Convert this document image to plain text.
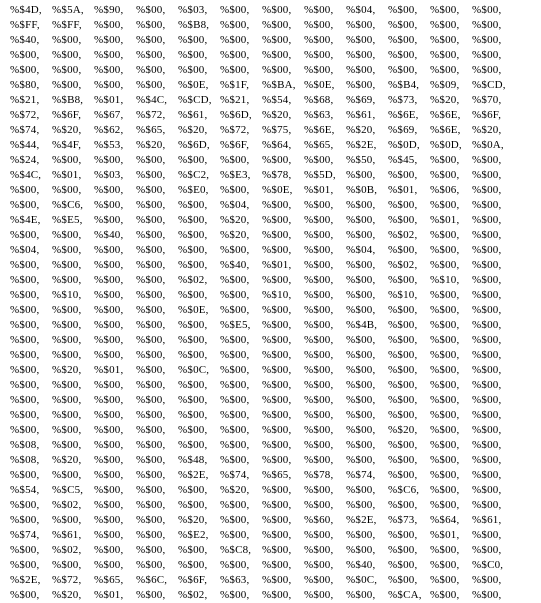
%$4D, %$5A, %$90, %$00, %$03, %$00, %$00, %$00, %$04, %$00, %$00, %$00,
%$FF, %$FF, %$00, %$00, %$B8, %$00, %$00, %$00, %$00, %$00, %$00, %$00,
%$40, %$00, %$00, %$00, %$00, %$00, %$00, %$00, %$00, %$00, %$00, %$00,
%$00, %$00, %$00, %$00, %$00, %$00, %$00, %$00, %$00, %$00, %$00, %$00,
%$00, %$00, %$00, %$00, %$00, %$00, %$00, %$00, %$00, %$00, %$00, %$00,
%$80, %$00, %$00, %$00, %$0E, %$1F, %$BA, %$0E, %$00, %$B4, %$09, %$CD,
%$21, %$B8, %$01, %$4C, %$CD, %$21, %$54, %$68, %$69, %$73, %$20, %$70,
%$72, %$6F, %$67, %$72, %$61, %$6D, %$20, %$63, %$61, %$6E, %$6E, %$6F,
%$74, %$20, %$62, %$65, %$20, %$72, %$75, %$6E, %$20, %$69, %$6E, %$20,
%$44, %$4F, %$53, %$20, %$6D, %$6F, %$64, %$65, %$2E, %$0D, %$0D, %$0A,
%$24, %$00, %$00, %$00, %$00, %$00, %$00, %$00, %$50, %$45, %$00, %$00,
%$4C, %$01, %$03, %$00, %$C2, %$E3, %$78, %$5D, %$00, %$00, %$00, %$00,
%$00, %$00, %$00, %$00, %$E0, %$00, %$0E, %$01, %$0B, %$01, %$06, %$00,
%$00, %$C6, %$00, %$00, %$00, %$04, %$00, %$00, %$00, %$00, %$00, %$00,
%$4E, %$E5, %$00, %$00, %$00, %$20, %$00, %$00, %$00, %$00, %$01, %$00,
%$00, %$00, %$40, %$00, %$00, %$20, %$00, %$00, %$00, %$02, %$00, %$00,
%$04, %$00, %$00, %$00, %$00, %$00, %$00, %$00, %$04, %$00, %$00, %$00,
%$00, %$00, %$00, %$00, %$00, %$40, %$01, %$00, %$00, %$02, %$00, %$00,
%$00, %$00, %$00, %$00, %$02, %$00, %$00, %$00, %$00, %$00, %$10, %$00,
%$00, %$10, %$00, %$00, %$00, %$00, %$10, %$00, %$00, %$10, %$00, %$00,
%$00, %$00, %$00, %$00, %$0E, %$00, %$00, %$00, %$00, %$00, %$00, %$00,
%$00, %$00, %$00, %$00, %$00, %$E5, %$00, %$00, %$4B, %$00, %$00, %$00,
%$00, %$00, %$00, %$00, %$00, %$00, %$00, %$00, %$00, %$00, %$00, %$00,
%$00, %$00, %$00, %$00, %$00, %$00, %$00, %$00, %$00, %$00, %$00, %$00,
%$00, %$20, %$01, %$00, %$0C, %$00, %$00, %$00, %$00, %$00, %$00, %$00,
%$00, %$00, %$00, %$00, %$00, %$00, %$00, %$00, %$00, %$00, %$00, %$00,
%$00, %$00, %$00, %$00, %$00, %$00, %$00, %$00, %$00, %$00, %$00, %$00,
%$00, %$00, %$00, %$00, %$00, %$00, %$00, %$00, %$00, %$00, %$00, %$00,
%$00, %$00, %$00, %$00, %$00, %$00, %$00, %$00, %$00, %$20, %$00, %$00,
%$08, %$00, %$00, %$00, %$00, %$00, %$00, %$00, %$00, %$00, %$00, %$00,
%$08, %$20, %$00, %$00, %$48, %$00, %$00, %$00, %$00, %$00, %$00, %$00,
%$00, %$00, %$00, %$00, %$2E, %$74, %$65, %$78, %$74, %$00, %$00, %$00,
%$54, %$C5, %$00, %$00, %$00, %$20, %$00, %$00, %$00, %$C6, %$00, %$00,
%$00, %$02, %$00, %$00, %$00, %$00, %$00, %$00, %$00, %$00, %$00, %$00,
%$00, %$00, %$00, %$00, %$20, %$00, %$00, %$60, %$2E, %$73, %$64, %$61,
%$74, %$61, %$00, %$00, %$E2, %$00, %$00, %$00, %$00, %$00, %$01, %$00,
%$00, %$02, %$00, %$00, %$00, %$C8, %$00, %$00, %$00, %$00, %$00, %$00,
%$00, %$00, %$00, %$00, %$00, %$00, %$00, %$00, %$40, %$00, %$00, %$C0,
%$2E, %$72, %$65, %$6C, %$6F, %$63, %$00, %$00, %$0C, %$00, %$00, %$00,
%$00, %$20, %$01, %$00, %$02, %$00, %$00, %$00, %$00, %$CA, %$00, %$00,
